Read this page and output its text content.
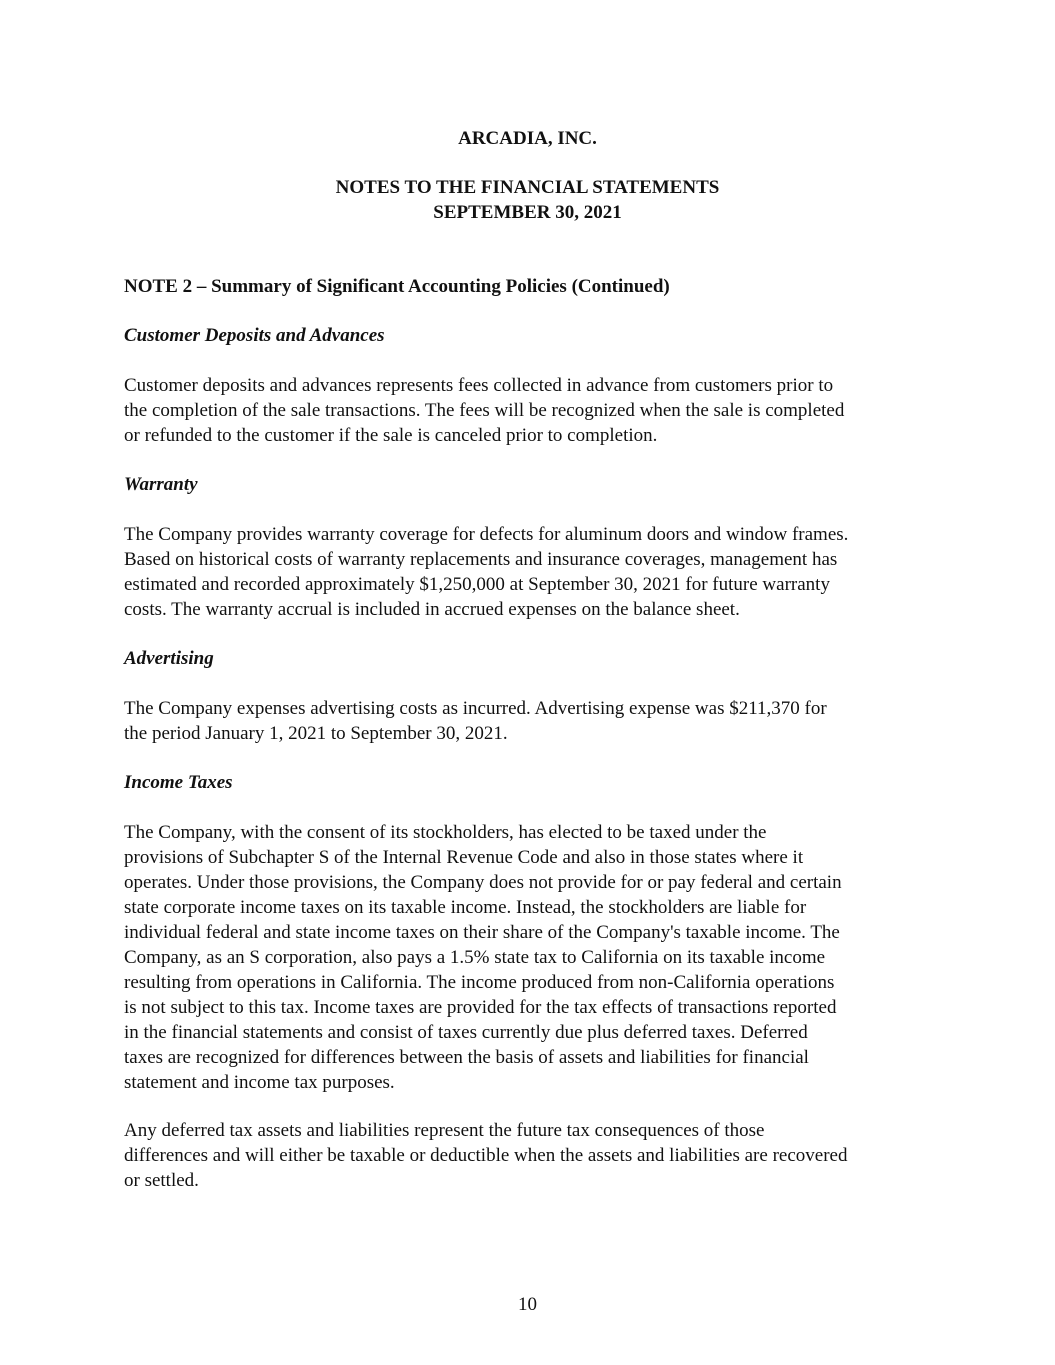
ARCADIA, INC.
NOTES TO THE FINANCIAL STATEMENTS
SEPTEMBER 30, 2021
NOTE 2 – Summary of Significant Accounting Policies (Continued)
Customer Deposits and Advances
Customer deposits and advances represents fees collected in advance from customers prior to
the completion of the sale transactions. The fees will be recognized when the sale is completed
or refunded to the customer if the sale is canceled prior to completion.
Warranty
The Company provides warranty coverage for defects for aluminum doors and window frames.
Based on historical costs of warranty replacements and insurance coverages, management has
estimated and recorded approximately $1,250,000 at September 30, 2021 for future warranty
costs. The warranty accrual is included in accrued expenses on the balance sheet.
Advertising
The Company expenses advertising costs as incurred. Advertising expense was $211,370 for
the period January 1, 2021 to September 30, 2021.
Income Taxes
The Company, with the consent of its stockholders, has elected to be taxed under the
provisions of Subchapter S of the Internal Revenue Code and also in those states where it
operates. Under those provisions, the Company does not provide for or pay federal and certain
state corporate income taxes on its taxable income. Instead, the stockholders are liable for
individual federal and state income taxes on their share of the Company's taxable income. The
Company, as an S corporation, also pays a 1.5% state tax to California on its taxable income
resulting from operations in California. The income produced from non-California operations
is not subject to this tax. Income taxes are provided for the tax effects of transactions reported
in the financial statements and consist of taxes currently due plus deferred taxes. Deferred
taxes are recognized for differences between the basis of assets and liabilities for financial
statement and income tax purposes.
Any deferred tax assets and liabilities represent the future tax consequences of those
differences and will either be taxable or deductible when the assets and liabilities are recovered
or settled.
10
